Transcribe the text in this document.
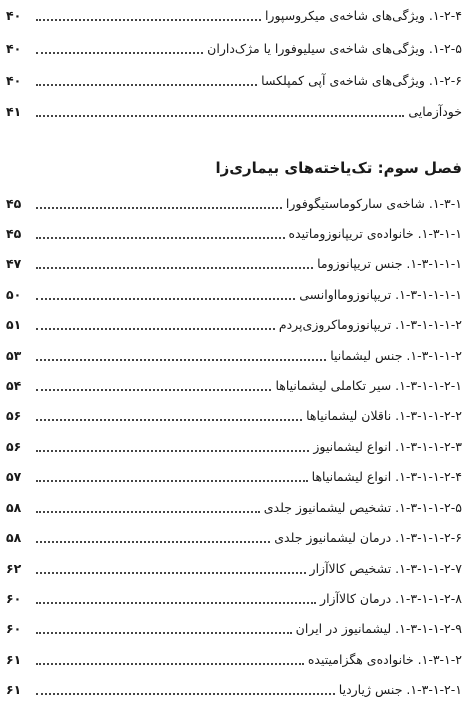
۱-۲-۴. ویژگی‌های شاخه‌ی میکروسپورا
۴۰
۱-۲-۵. ویژگی‌های شاخه‌ی سیلیوفورا یا مژک‌داران
۴۰
۱-۲-۶. ویژگی‌های شاخه‌ی آپی کمپلکسا
۴۰
خودآزمایی
۴۱
فصل سوم: تک‌یاخته‌های بیماری‌زا
۱-۳-۱. شاخه‌ی سارکوماستیگوفورا
۴۵
۱-۳-۱-۱. خانواده‌ی تریپانوزوماتیده
۴۵
۱-۳-۱-۱-۱. جنس تریپانوزوما
۴۷
۱-۳-۱-۱-۱-۱. تریپانوزومااوانسی
۵۰
۱-۳-۱-۱-۱-۲. تریپانوزوماکروزی‌پردم
۵۱
۱-۳-۱-۱-۲. جنس لیشمانیا
۵۳
۱-۳-۱-۱-۲-۱. سیر تکاملی لیشمانیاها
۵۴
۱-۳-۱-۱-۲-۲. ناقلان لیشمانیاها
۵۶
۱-۳-۱-۱-۲-۳. انواع لیشمانیوز
۵۶
۱-۳-۱-۱-۲-۴. انواع لیشمانیاها
۵۷
۱-۳-۱-۱-۲-۵. تشخیص لیشمانیوز جلدی
۵۸
۱-۳-۱-۱-۲-۶. درمان لیشمانیوز جلدی
۵۸
۱-۳-۱-۱-۲-۷. تشخیص کالاآزار
۶۲
۱-۳-۱-۱-۲-۸. درمان کالاآزار
۶۰
۱-۳-۱-۱-۲-۹. لیشمانیوز در ایران
۶۰
۱-۳-۱-۲. خانواده‌ی هگزامیتیده
۶۱
۱-۳-۱-۲-۱. جنس ژیاردیا
۶۱
